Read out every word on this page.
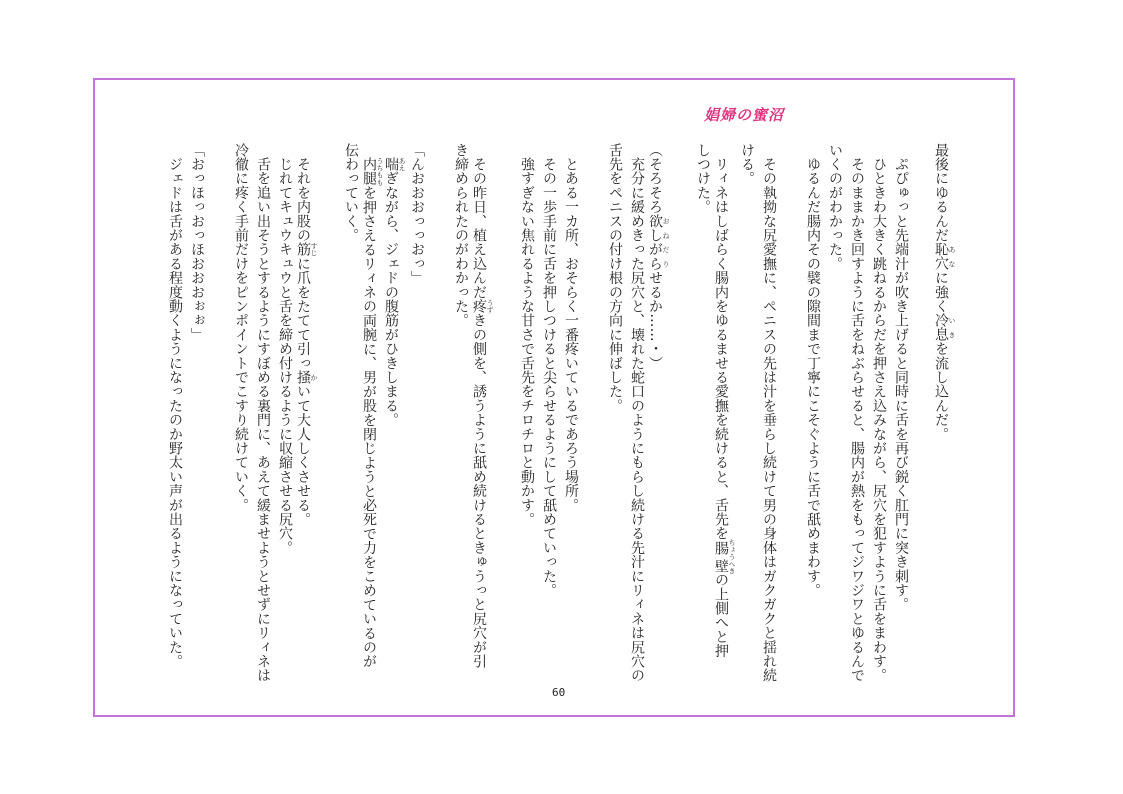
娼婦の蜜沼
最後にゆるんだ恥穴 あなに強く冷息 いきを流し込んだ。
　ぷぴゅっと先端汁が吹き上げると同時に舌を再び鋭く肛門に突き刺す。
　ひときわ大きく跳ねるからだを押さえ込みながら、尻穴を犯すように舌をまわす。
　そのままかき回すように舌をねぶらせると、腸内が熱をもってジワジワとゆるんで
いくのがわかった。
　ゆるんだ腸内その襞の隙間まで丁寧にこそぐように舌で舐めまわす。
　その執拗な尻愛撫に、ペニスの先は汁を垂らし続けて男の身体はガクガクと揺れ続
ける。
　リィネはしばらく腸内をゆるませる愛撫を続けると、舌先を腸壁 ちょうへきの上側へと押
しつけた。
（そろそろ欲しがら おねだりせるか……・）
　充分に緩めきった尻穴と、壊れた蛇口のようにもらし続ける先汁にリィネは尻穴の
舌先をペニスの付け根の方向に伸ばした。
　とある一カ所、おそらく一番疼いているであろう場所。
　その一歩手前に舌を押しつけると尖らせるようにして舐めていった。
　強すぎない焦れるような甘さで舌先をチロチロと動かす。
　その昨日、植え込んだ疼 うずきの側を、誘うように舐め続けるときゅうっと尻穴が引
き締められたのがわかった。
「んおおおっっおっ」
　喘 あえぎながら、ジェドの腹筋がひきしまる。
　内腿 うちももを押さえるリィネの両腕に、男が股を閉じようと必死で力をこめているのが
伝わっていく。
　それを内股の筋 すじに爪をたてて引っ掻 かいて大人しくさせる。
　じれてキュウキュウと舌を締め付けるように収縮させる尻穴。
　舌を追い出そうとするようにすぼめる裏門に、あえて緩ませようとせずにリィネは
冷徹に疼く手前だけをピンポイントでこすり続けていく。
「おっほっおっほおおおぉぉ」
　ジェドは舌がある程度動くようになったのか野太い声が出るようになっていた。
60
